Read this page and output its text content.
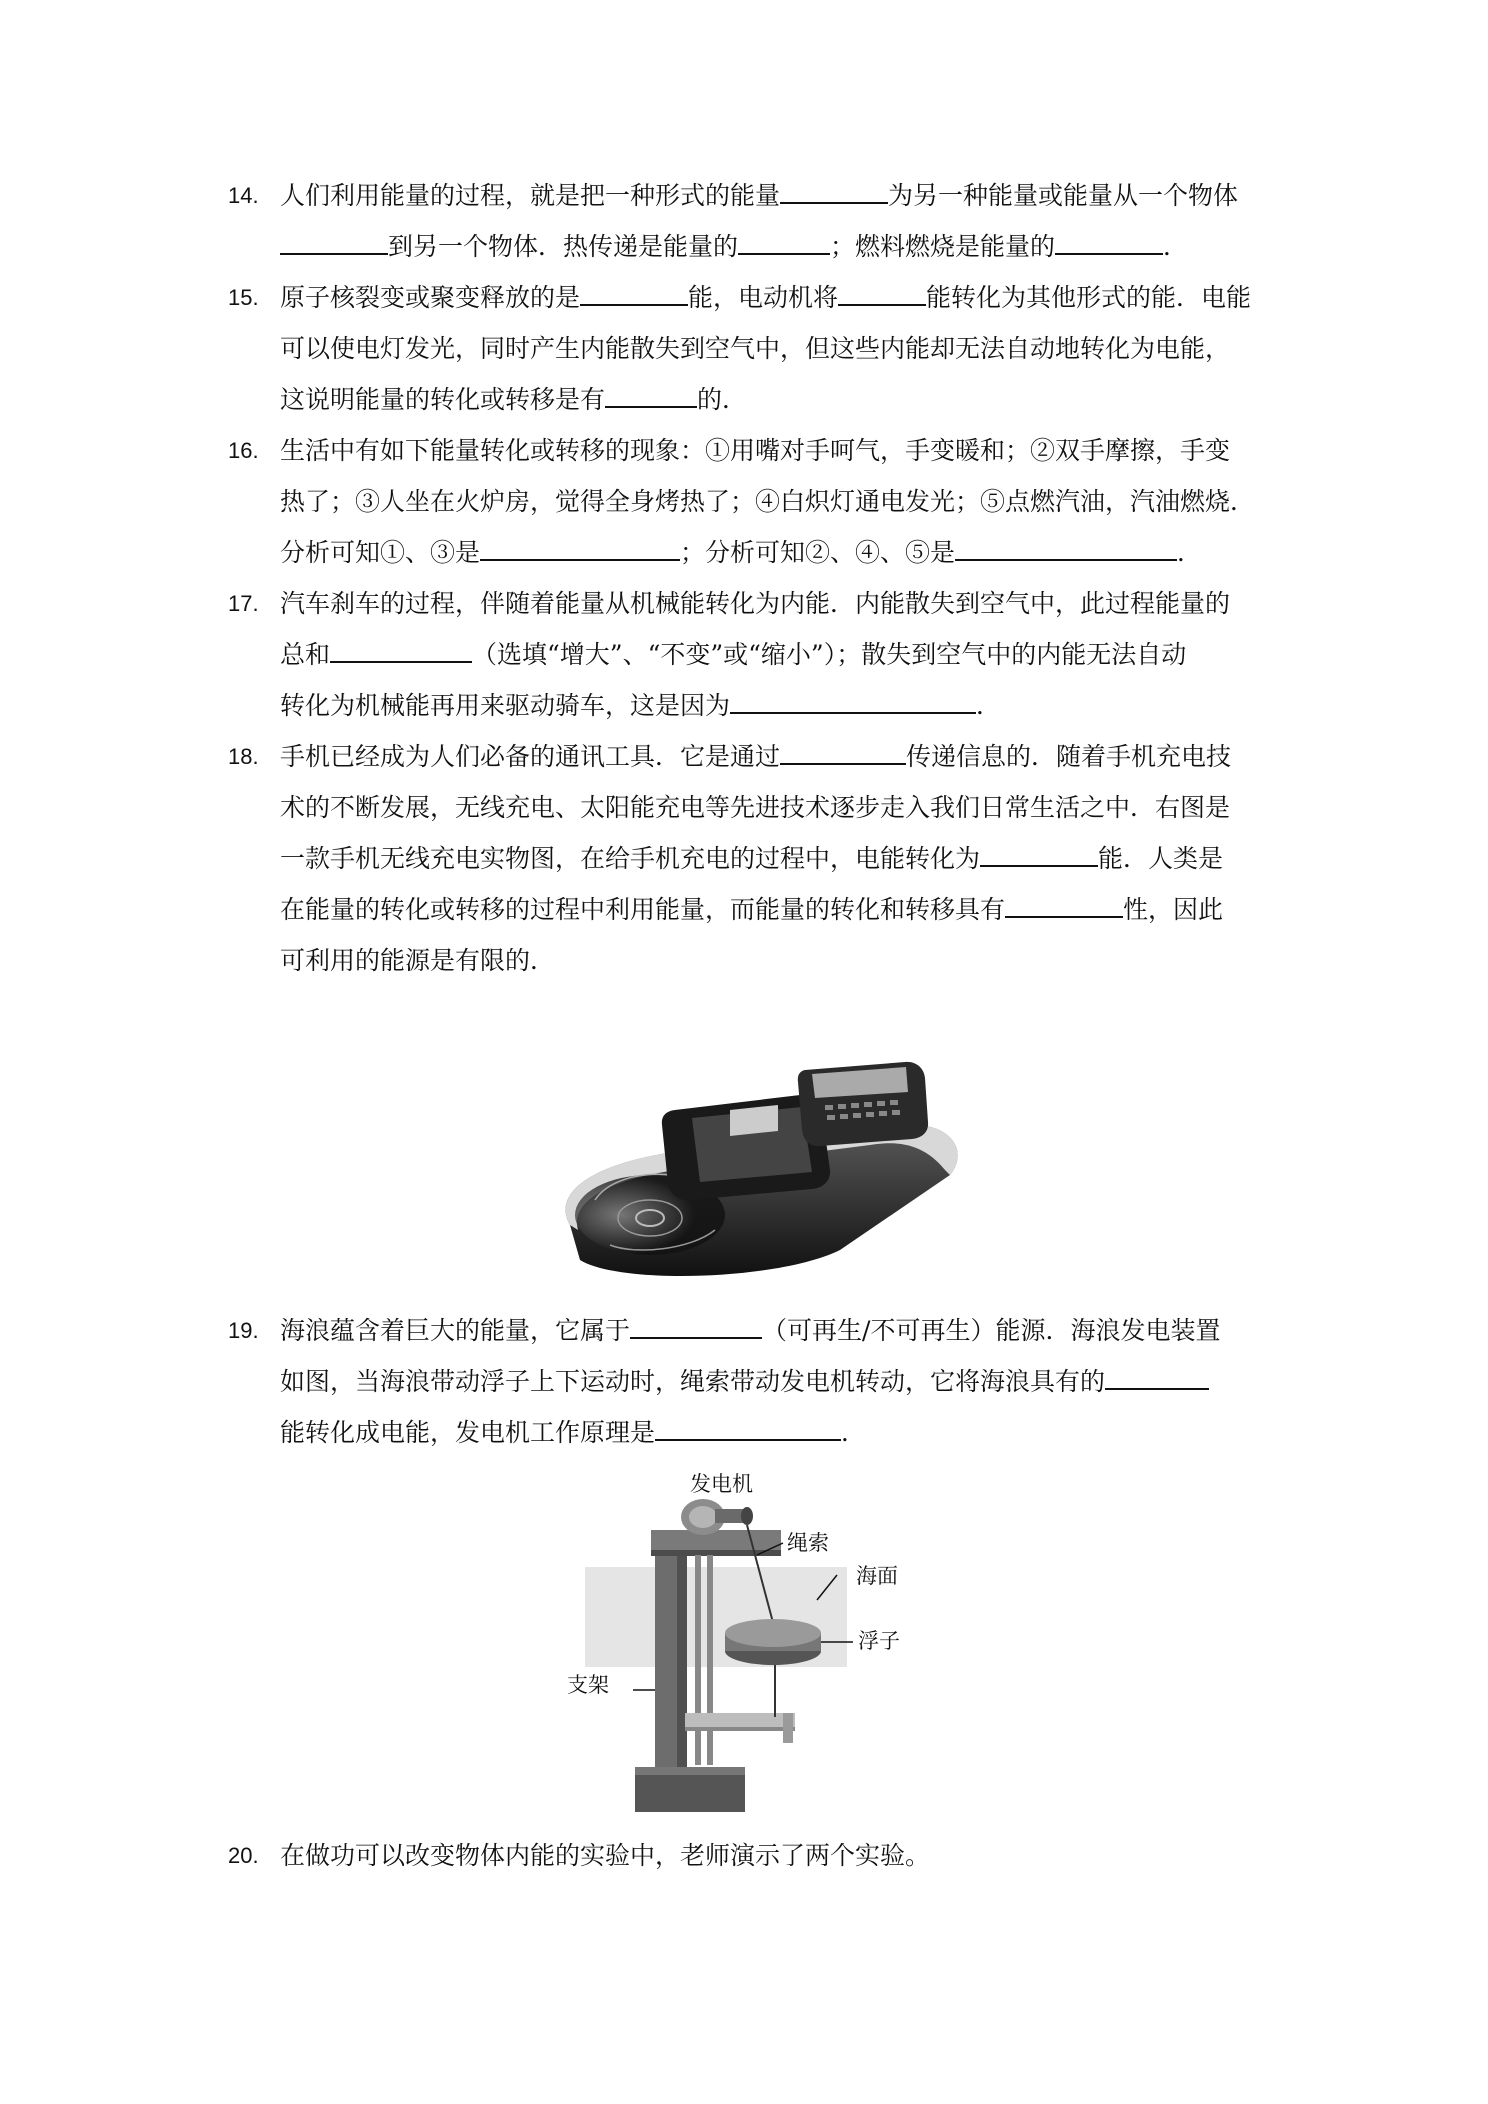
14. 人们利用能量的过程，就是把一种形式的能量	为另一种能量或能量从一个物体
到另一个物体．热传递是能量的	；燃料燃烧是能量的	．
15. 原子核裂变或聚变释放的是	能，电动机将	能转化为其他形式的能．电能
可以使电灯发光，同时产生内能散失到空气中，但这些内能却无法自动地转化为电能，
这说明能量的转化或转移是有	的．
16. 生活中有如下能量转化或转移的现象：①用嘴对手呵气，手变暖和；②双手摩擦，手变
热了；③人坐在火炉房，觉得全身烤热了；④白炽灯通电发光；⑤点燃汽油，汽油燃烧．
分析可知①、③是	；分析可知②、④、⑤是	．
17. 汽车刹车的过程，伴随着能量从机械能转化为内能．内能散失到空气中，此过程能量的
总和	（选填“增大”、“不变”或“缩小”）；散失到空气中的内能无法自动
转化为机械能再用来驱动骑车，这是因为	．
18. 手机已经成为人们必备的通讯工具．它是通过	传递信息的．随着手机充电技
术的不断发展，无线充电、太阳能充电等先进技术逐步走入我们日常生活之中．右图是
一款手机无线充电实物图，在给手机充电的过程中，电能转化为	能．人类是
在能量的转化或转移的过程中利用能量，而能量的转化和转移具有	性，因此
可利用的能源是有限的．
19. 海浪蕴含着巨大的能量，它属于	（可再生/不可再生）能源．海浪发电装置
如图，当海浪带动浮子上下运动时，绳索带动发电机转动，它将海浪具有的
能转化成电能，发电机工作原理是	．
发电机
绳索
海面
浮子
支架
20. 在做功可以改变物体内能的实验中，老师演示了两个实验。
